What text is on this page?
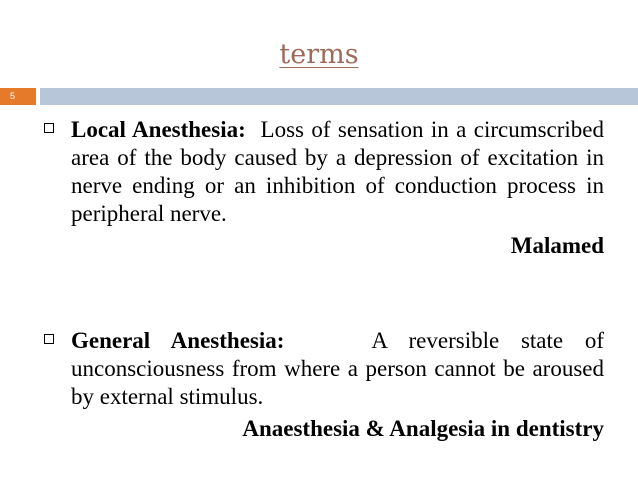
terms
5
Local Anesthesia: Loss of sensation in a circumscribed area of the body caused by a depression of excitation in nerve ending or an inhibition of conduction process in peripheral nerve.
Malamed
General Anesthesia:	A reversible state of unconsciousness from where a person cannot be aroused by external stimulus.
Anaesthesia & Analgesia in dentistry
